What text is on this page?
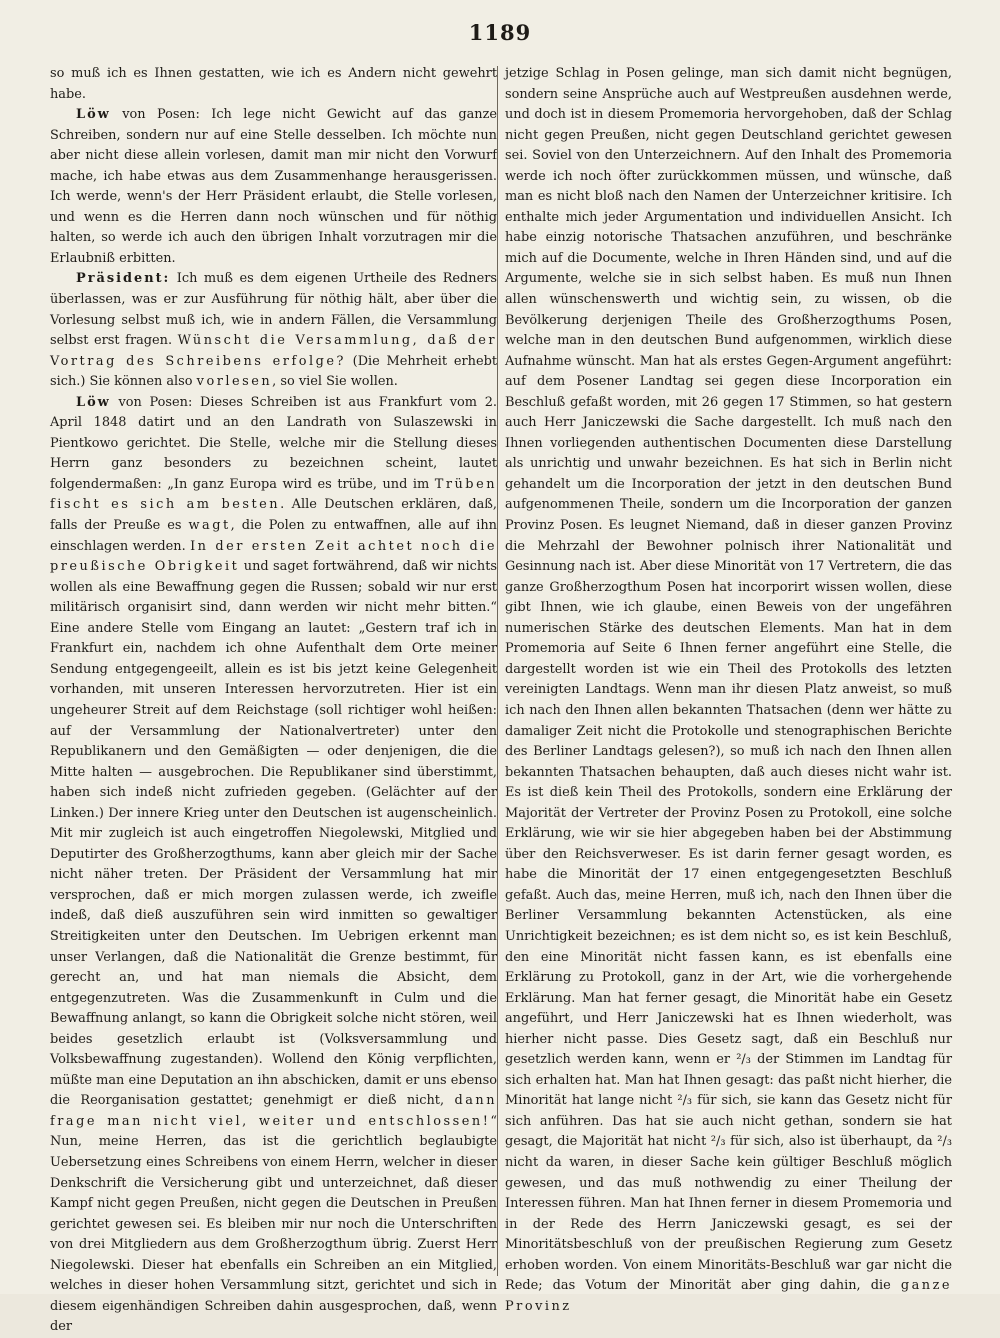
1189

so muß ich es Ihnen gestatten, wie ich es Andern nicht gewehrt habe.

Löw von Posen: Ich lege nicht Gewicht auf das ganze Schreiben, sondern nur auf eine Stelle desselben. Ich möchte nun aber nicht diese allein vorlesen, damit man mir nicht den Vorwurf mache, ich habe etwas aus dem Zusammenhange herausgerissen. Ich werde, wenn's der Herr Präsident erlaubt, die Stelle vorlesen, und wenn es die Herren dann noch wünschen und für nöthig halten, so werde ich auch den übrigen Inhalt vorzutragen mir die Erlaubniß erbitten.

Präsident: Ich muß es dem eigenen Urtheile des Redners überlassen, was er zur Ausführung für nöthig hält, aber über die Vorlesung selbst muß ich, wie in andern Fällen, die Versammlung selbst erst fragen. Wünscht die Versammlung, daß der Vortrag des Schreibens erfolge? (Die Mehrheit erhebt sich.) Sie können also vorlesen, so viel Sie wollen.

Löw von Posen: Dieses Schreiben ist aus Frankfurt vom 2. April 1848 datirt und an den Landrath von Sulaszewski in Pientkowo gerichtet. Die Stelle, welche mir die Stellung dieses Herrn ganz besonders zu bezeichnen scheint, lautet folgendermaßen: „In ganz Europa wird es trübe, und im Trüben fischt es sich am besten. Alle Deutschen erklären, daß, falls der Preuße es wagt, die Polen zu entwaffnen, alle auf ihn einschlagen werden. In der ersten Zeit achtet noch die preußische Obrigkeit und saget fortwährend, daß wir nichts wollen als eine Bewaffnung gegen die Russen; sobald wir nur erst militärisch organisirt sind, dann werden wir nicht mehr bitten.“ Eine andere Stelle vom Eingang an lautet: „Gestern traf ich in Frankfurt ein, nachdem ich ohne Aufenthalt dem Orte meiner Sendung entgegengeeilt, allein es ist bis jetzt keine Gelegenheit vorhanden, mit unseren Interessen hervorzutreten. Hier ist ein ungeheurer Streit auf dem Reichstage (soll richtiger wohl heißen: auf der Versammlung der Nationalvertreter) unter den Republikanern und den Gemäßigten — oder denjenigen, die die Mitte halten — ausgebrochen. Die Republikaner sind überstimmt, haben sich indeß nicht zufrieden gegeben. (Gelächter auf der Linken.) Der innere Krieg unter den Deutschen ist augenscheinlich. Mit mir zugleich ist auch eingetroffen Niegolewski, Mitglied und Deputirter des Großherzogthums, kann aber gleich mir der Sache nicht näher treten. Der Präsident der Versammlung hat mir versprochen, daß er mich morgen zulassen werde, ich zweifle indeß, daß dieß auszuführen sein wird inmitten so gewaltiger Streitigkeiten unter den Deutschen. Im Uebrigen erkennt man unser Verlangen, daß die Nationalität die Grenze bestimmt, für gerecht an, und hat man niemals die Absicht, dem entgegenzutreten. Was die Zusammenkunft in Culm und die Bewaffnung anlangt, so kann die Obrigkeit solche nicht stören, weil beides gesetzlich erlaubt ist (Volksversammlung und Volksbewaffnung zugestanden). Wollend den König verpflichten, müßte man eine Deputation an ihn abschicken, damit er uns ebenso die Reorganisation gestattet; genehmigt er dieß nicht, dann frage man nicht viel, weiter und entschlossen!“ Nun, meine Herren, das ist die gerichtlich beglaubigte Uebersetzung eines Schreibens von einem Herrn, welcher in dieser Denkschrift die Versicherung gibt und unterzeichnet, daß dieser Kampf nicht gegen Preußen, nicht gegen die Deutschen in Preußen gerichtet gewesen sei. Es bleiben mir nur noch die Unterschriften von drei Mitgliedern aus dem Großherzogthum übrig. Zuerst Herr Niegolewski. Dieser hat ebenfalls ein Schreiben an ein Mitglied, welches in dieser hohen Versammlung sitzt, gerichtet und sich in diesem eigenhändigen Schreiben dahin ausgesprochen, daß, wenn der

jetzige Schlag in Posen gelinge, man sich damit nicht begnügen, sondern seine Ansprüche auch auf Westpreußen ausdehnen werde, und doch ist in diesem Promemoria hervorgehoben, daß der Schlag nicht gegen Preußen, nicht gegen Deutschland gerichtet gewesen sei. Soviel von den Unterzeichnern. Auf den Inhalt des Promemoria werde ich noch öfter zurückkommen müssen, und wünsche, daß man es nicht bloß nach den Namen der Unterzeichner kritisire. Ich enthalte mich jeder Argumentation und individuellen Ansicht. Ich habe einzig notorische Thatsachen anzuführen, und beschränke mich auf die Documente, welche in Ihren Händen sind, und auf die Argumente, welche sie in sich selbst haben. Es muß nun Ihnen allen wünschenswerth und wichtig sein, zu wissen, ob die Bevölkerung derjenigen Theile des Großherzogthums Posen, welche man in den deutschen Bund aufgenommen, wirklich diese Aufnahme wünscht. Man hat als erstes Gegen-Argument angeführt: auf dem Posener Landtag sei gegen diese Incorporation ein Beschluß gefaßt worden, mit 26 gegen 17 Stimmen, so hat gestern auch Herr Janiczewski die Sache dargestellt. Ich muß nach den Ihnen vorliegenden authentischen Documenten diese Darstellung als unrichtig und unwahr bezeichnen. Es hat sich in Berlin nicht gehandelt um die Incorporation der jetzt in den deutschen Bund aufgenommenen Theile, sondern um die Incorporation der ganzen Provinz Posen. Es leugnet Niemand, daß in dieser ganzen Provinz die Mehrzahl der Bewohner polnisch ihrer Nationalität und Gesinnung nach ist. Aber diese Minorität von 17 Vertretern, die das ganze Großherzogthum Posen hat incorporirt wissen wollen, diese gibt Ihnen, wie ich glaube, einen Beweis von der ungefähren numerischen Stärke des deutschen Elements. Man hat in dem Promemoria auf Seite 6 Ihnen ferner angeführt eine Stelle, die dargestellt worden ist wie ein Theil des Protokolls des letzten vereinigten Landtags. Wenn man ihr diesen Platz anweist, so muß ich nach den Ihnen allen bekannten Thatsachen (denn wer hätte zu damaliger Zeit nicht die Protokolle und stenographischen Berichte des Berliner Landtags gelesen?), so muß ich nach den Ihnen allen bekannten Thatsachen behaupten, daß auch dieses nicht wahr ist. Es ist dieß kein Theil des Protokolls, sondern eine Erklärung der Majorität der Vertreter der Provinz Posen zu Protokoll, eine solche Erklärung, wie wir sie hier abgegeben haben bei der Abstimmung über den Reichsverweser. Es ist darin ferner gesagt worden, es habe die Minorität der 17 einen entgegengesetzten Beschluß gefaßt. Auch das, meine Herren, muß ich, nach den Ihnen über die Berliner Versammlung bekannten Actenstücken, als eine Unrichtigkeit bezeichnen; es ist dem nicht so, es ist kein Beschluß, den eine Minorität nicht fassen kann, es ist ebenfalls eine Erklärung zu Protokoll, ganz in der Art, wie die vorhergehende Erklärung. Man hat ferner gesagt, die Minorität habe ein Gesetz angeführt, und Herr Janiczewski hat es Ihnen wiederholt, was hierher nicht passe. Dies Gesetz sagt, daß ein Beschluß nur gesetzlich werden kann, wenn er ²/₃ der Stimmen im Landtag für sich erhalten hat. Man hat Ihnen gesagt: das paßt nicht hierher, die Minorität hat lange nicht ²/₃ für sich, sie kann das Gesetz nicht für sich anführen. Das hat sie auch nicht gethan, sondern sie hat gesagt, die Majorität hat nicht ²/₃ für sich, also ist überhaupt, da ²/₃ nicht da waren, in dieser Sache kein gültiger Beschluß möglich gewesen, und das muß nothwendig zu einer Theilung der Interessen führen. Man hat Ihnen ferner in diesem Promemoria und in der Rede des Herrn Janiczewski gesagt, es sei der Minoritätsbeschluß von der preußischen Regierung zum Gesetz erhoben worden. Von einem Minoritäts-Beschluß war gar nicht die Rede; das Votum der Minorität aber ging dahin, die ganze Provinz
